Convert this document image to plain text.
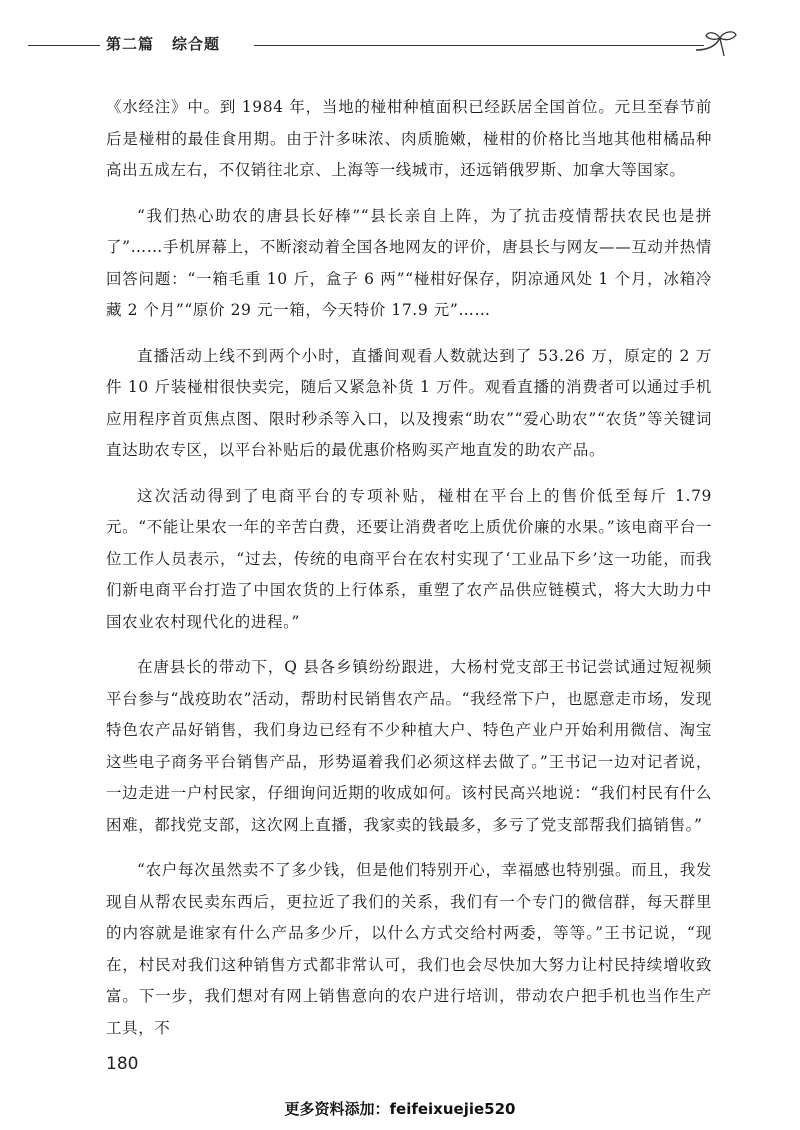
第二篇 综合题

《水经注》中。到 1984 年，当地的椪柑种植面积已经跃居全国首位。元旦至春节前后是椪柑的最佳食用期。由于汁多味浓、肉质脆嫩，椪柑的价格比当地其他柑橘品种高出五成左右，不仅销往北京、上海等一线城市，还远销俄罗斯、加拿大等国家。

“我们热心助农的唐县长好棒”“县长亲自上阵，为了抗击疫情帮扶农民也是拼了”……手机屏幕上，不断滚动着全国各地网友的评价，唐县长与网友——互动并热情回答问题：“一箱毛重 10 斤，盒子 6 两”“椪柑好保存，阴凉通风处 1 个月，冰箱冷藏 2 个月”“原价 29 元一箱，今天特价 17.9 元”……

直播活动上线不到两个小时，直播间观看人数就达到了 53.26 万，原定的 2 万件 10 斤装椪柑很快卖完，随后又紧急补货 1 万件。观看直播的消费者可以通过手机应用程序首页焦点图、限时秒杀等入口，以及搜索“助农”“爱心助农”“农货”等关键词直达助农专区，以平台补贴后的最优惠价格购买产地直发的助农产品。

这次活动得到了电商平台的专项补贴，椪柑在平台上的售价低至每斤 1.79 元。“不能让果农一年的辛苦白费，还要让消费者吃上质优价廉的水果。”该电商平台一位工作人员表示，“过去，传统的电商平台在农村实现了‘工业品下乡’这一功能，而我们新电商平台打造了中国农货的上行体系，重塑了农产品供应链模式，将大大助力中国农业农村现代化的进程。”

在唐县长的带动下，Q 县各乡镇纷纷跟进，大杨村党支部王书记尝试通过短视频平台参与“战疫助农”活动，帮助村民销售农产品。“我经常下户，也愿意走市场，发现特色农产品好销售，我们身边已经有不少种植大户、特色产业户开始利用微信、淘宝这些电子商务平台销售产品，形势逼着我们必须这样去做了。”王书记一边对记者说，一边走进一户村民家，仔细询问近期的收成如何。该村民高兴地说：“我们村民有什么困难，都找党支部，这次网上直播，我家卖的钱最多，多亏了党支部帮我们搞销售。”

“农户每次虽然卖不了多少钱，但是他们特别开心，幸福感也特别强。而且，我发现自从帮农民卖东西后，更拉近了我们的关系，我们有一个专门的微信群，每天群里的内容就是谁家有什么产品多少斤，以什么方式交给村两委，等等。”王书记说，“现在，村民对我们这种销售方式都非常认可，我们也会尽快加大努力让村民持续增收致富。下一步，我们想对有网上销售意向的农户进行培训，带动农户把手机也当作生产工具，不

180
更多资料添加：feifeixuejie520
